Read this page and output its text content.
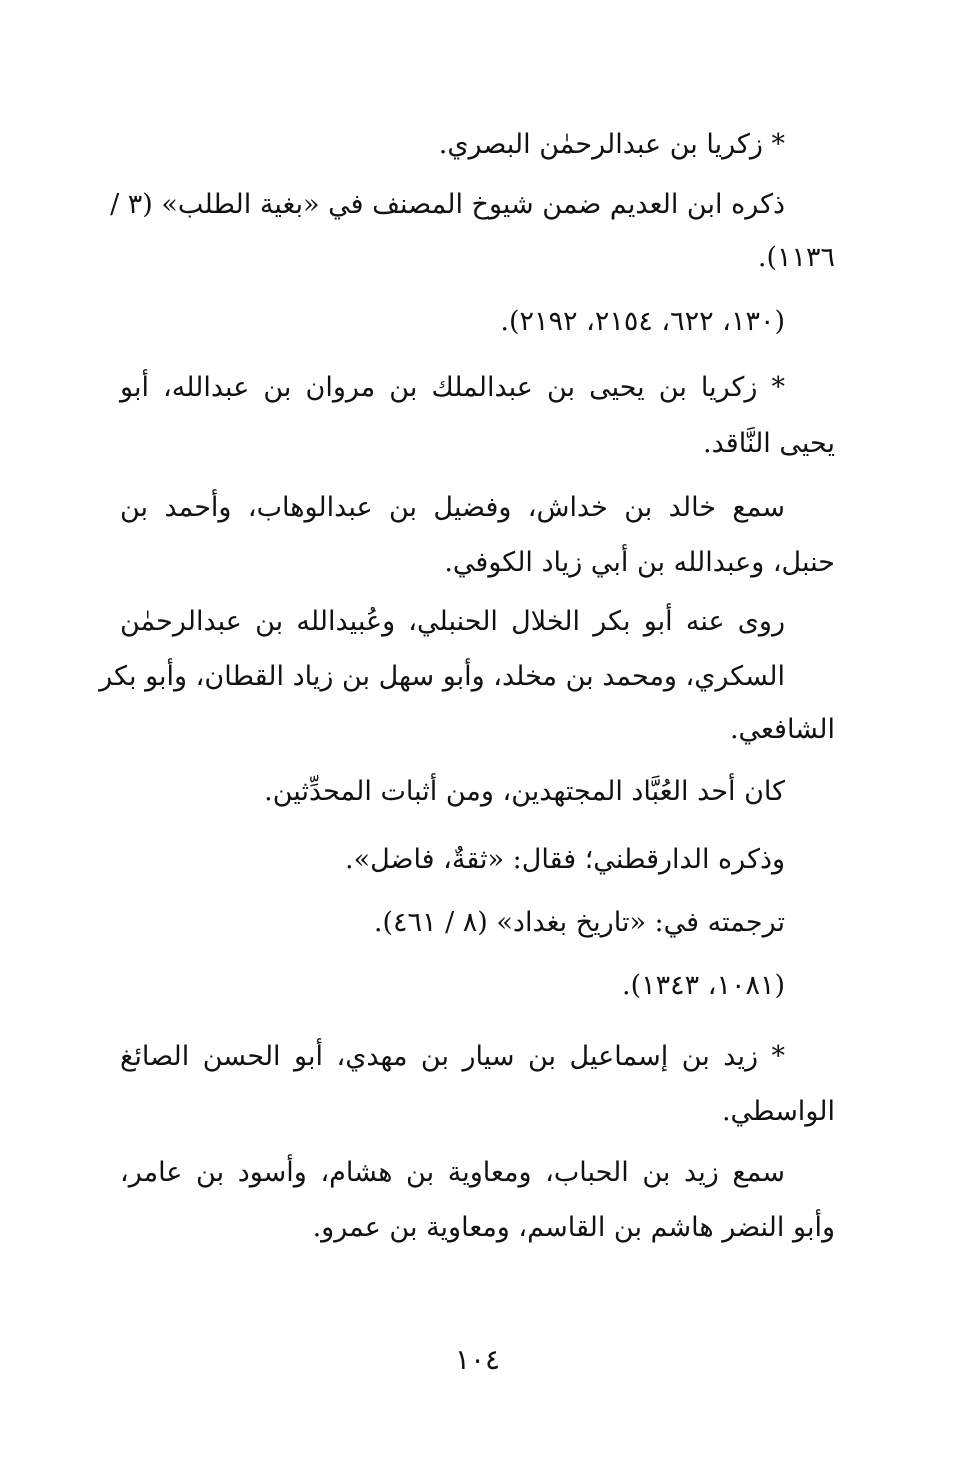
* زكريا بن عبدالرحمٰن البصري.
ذكره ابن العديم ضمن شيوخ المصنف في «بغية الطلب» (٣ /
١١٣٦).
(١٣٠، ٦٢٢، ٢١٥٤، ٢١٩٢).
* زكريا بن يحيى بن عبدالملك بن مروان بن عبدالله، أبو
يحيى النَّاقد.
سمع خالد بن خداش، وفضيل بن عبدالوهاب، وأحمد بن
حنبل، وعبدالله بن أبي زياد الكوفي.
روى عنه أبو بكر الخلال الحنبلي، وعُبيدالله بن عبدالرحمٰن
السكري، ومحمد بن مخلد، وأبو سهل بن زياد القطان، وأبو بكر
الشافعي.
كان أحد العُبَّاد المجتهدين، ومن أثبات المحدِّثين.
وذكره الدارقطني؛ فقال: «ثقةٌ، فاضل».
ترجمته في: «تاريخ بغداد» (٨ / ٤٦١).
(١٠٨١، ١٣٤٣).
* زيد بن إسماعيل بن سيار بن مهدي، أبو الحسن الصائغ
الواسطي.
سمع زيد بن الحباب، ومعاوية بن هشام، وأسود بن عامر،
وأبو النضر هاشم بن القاسم، ومعاوية بن عمرو.
١٠٤
